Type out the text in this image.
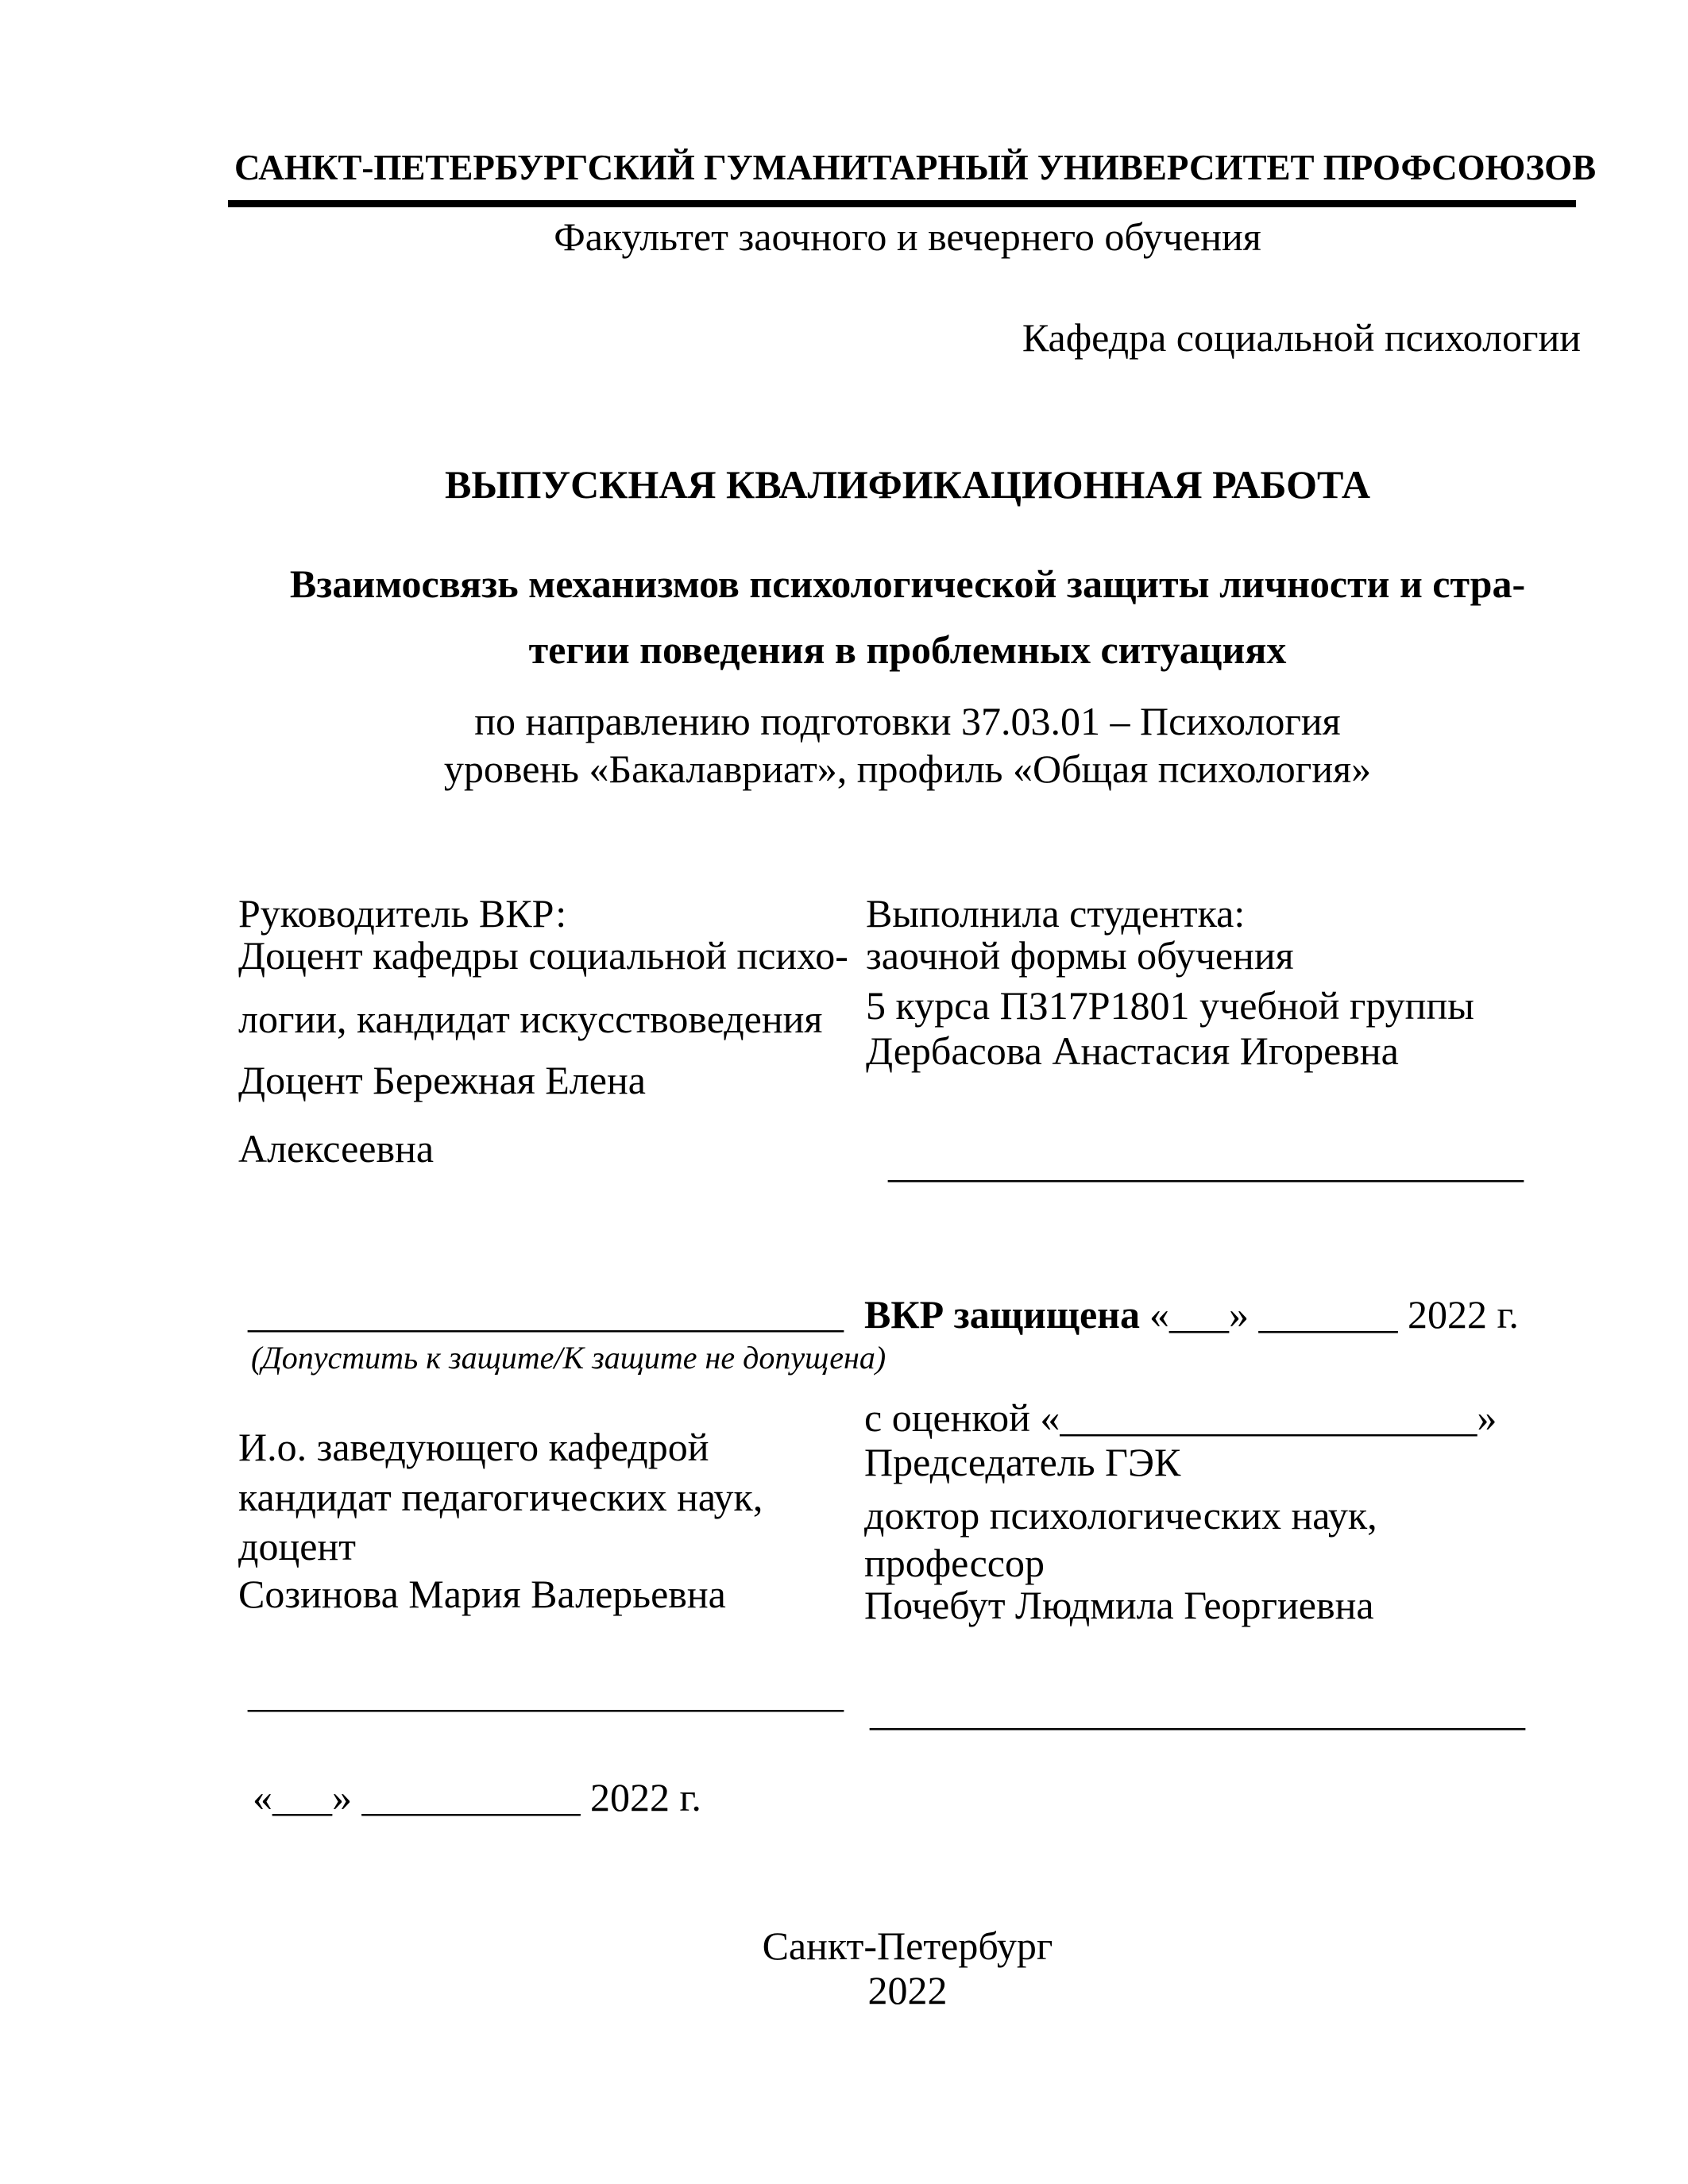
САНКТ-ПЕТЕРБУРГСКИЙ ГУМАНИТАРНЫЙ УНИВЕРСИТЕТ ПРОФСОЮЗОВ
Факультет заочного и вечернего обучения
Кафедра социальной психологии
ВЫПУСКНАЯ КВАЛИФИКАЦИОННАЯ РАБОТА
Взаимосвязь механизмов психологической защиты личности и стра-
тегии поведения в проблемных ситуациях
по направлению подготовки 37.03.01 – Психология
уровень «Бакалавриат», профиль «Общая психология»
Руководитель ВКР:
Доцент кафедры социальной психо-
логии, кандидат искусствоведения
Доцент Бережная Елена
Алексеевна
Выполнила студентка:
заочной формы обучения
5 курса ПЗ17Р1801 учебной группы
Дербасова Анастасия Игоревна
________________________________
______________________________
(Допустить к защите/К защите не допущена)
И.о. заведующего кафедрой
кандидат педагогических наук,
доцент
Созинова Мария Валерьевна
______________________________
«___» ___________ 2022 г.
ВКР защищена «___» _______ 2022 г.
с оценкой «_____________________»
Председатель ГЭК
доктор психологических наук,
профессор
Почебут Людмила Георгиевна
_________________________________
Санкт-Петербург
2022
